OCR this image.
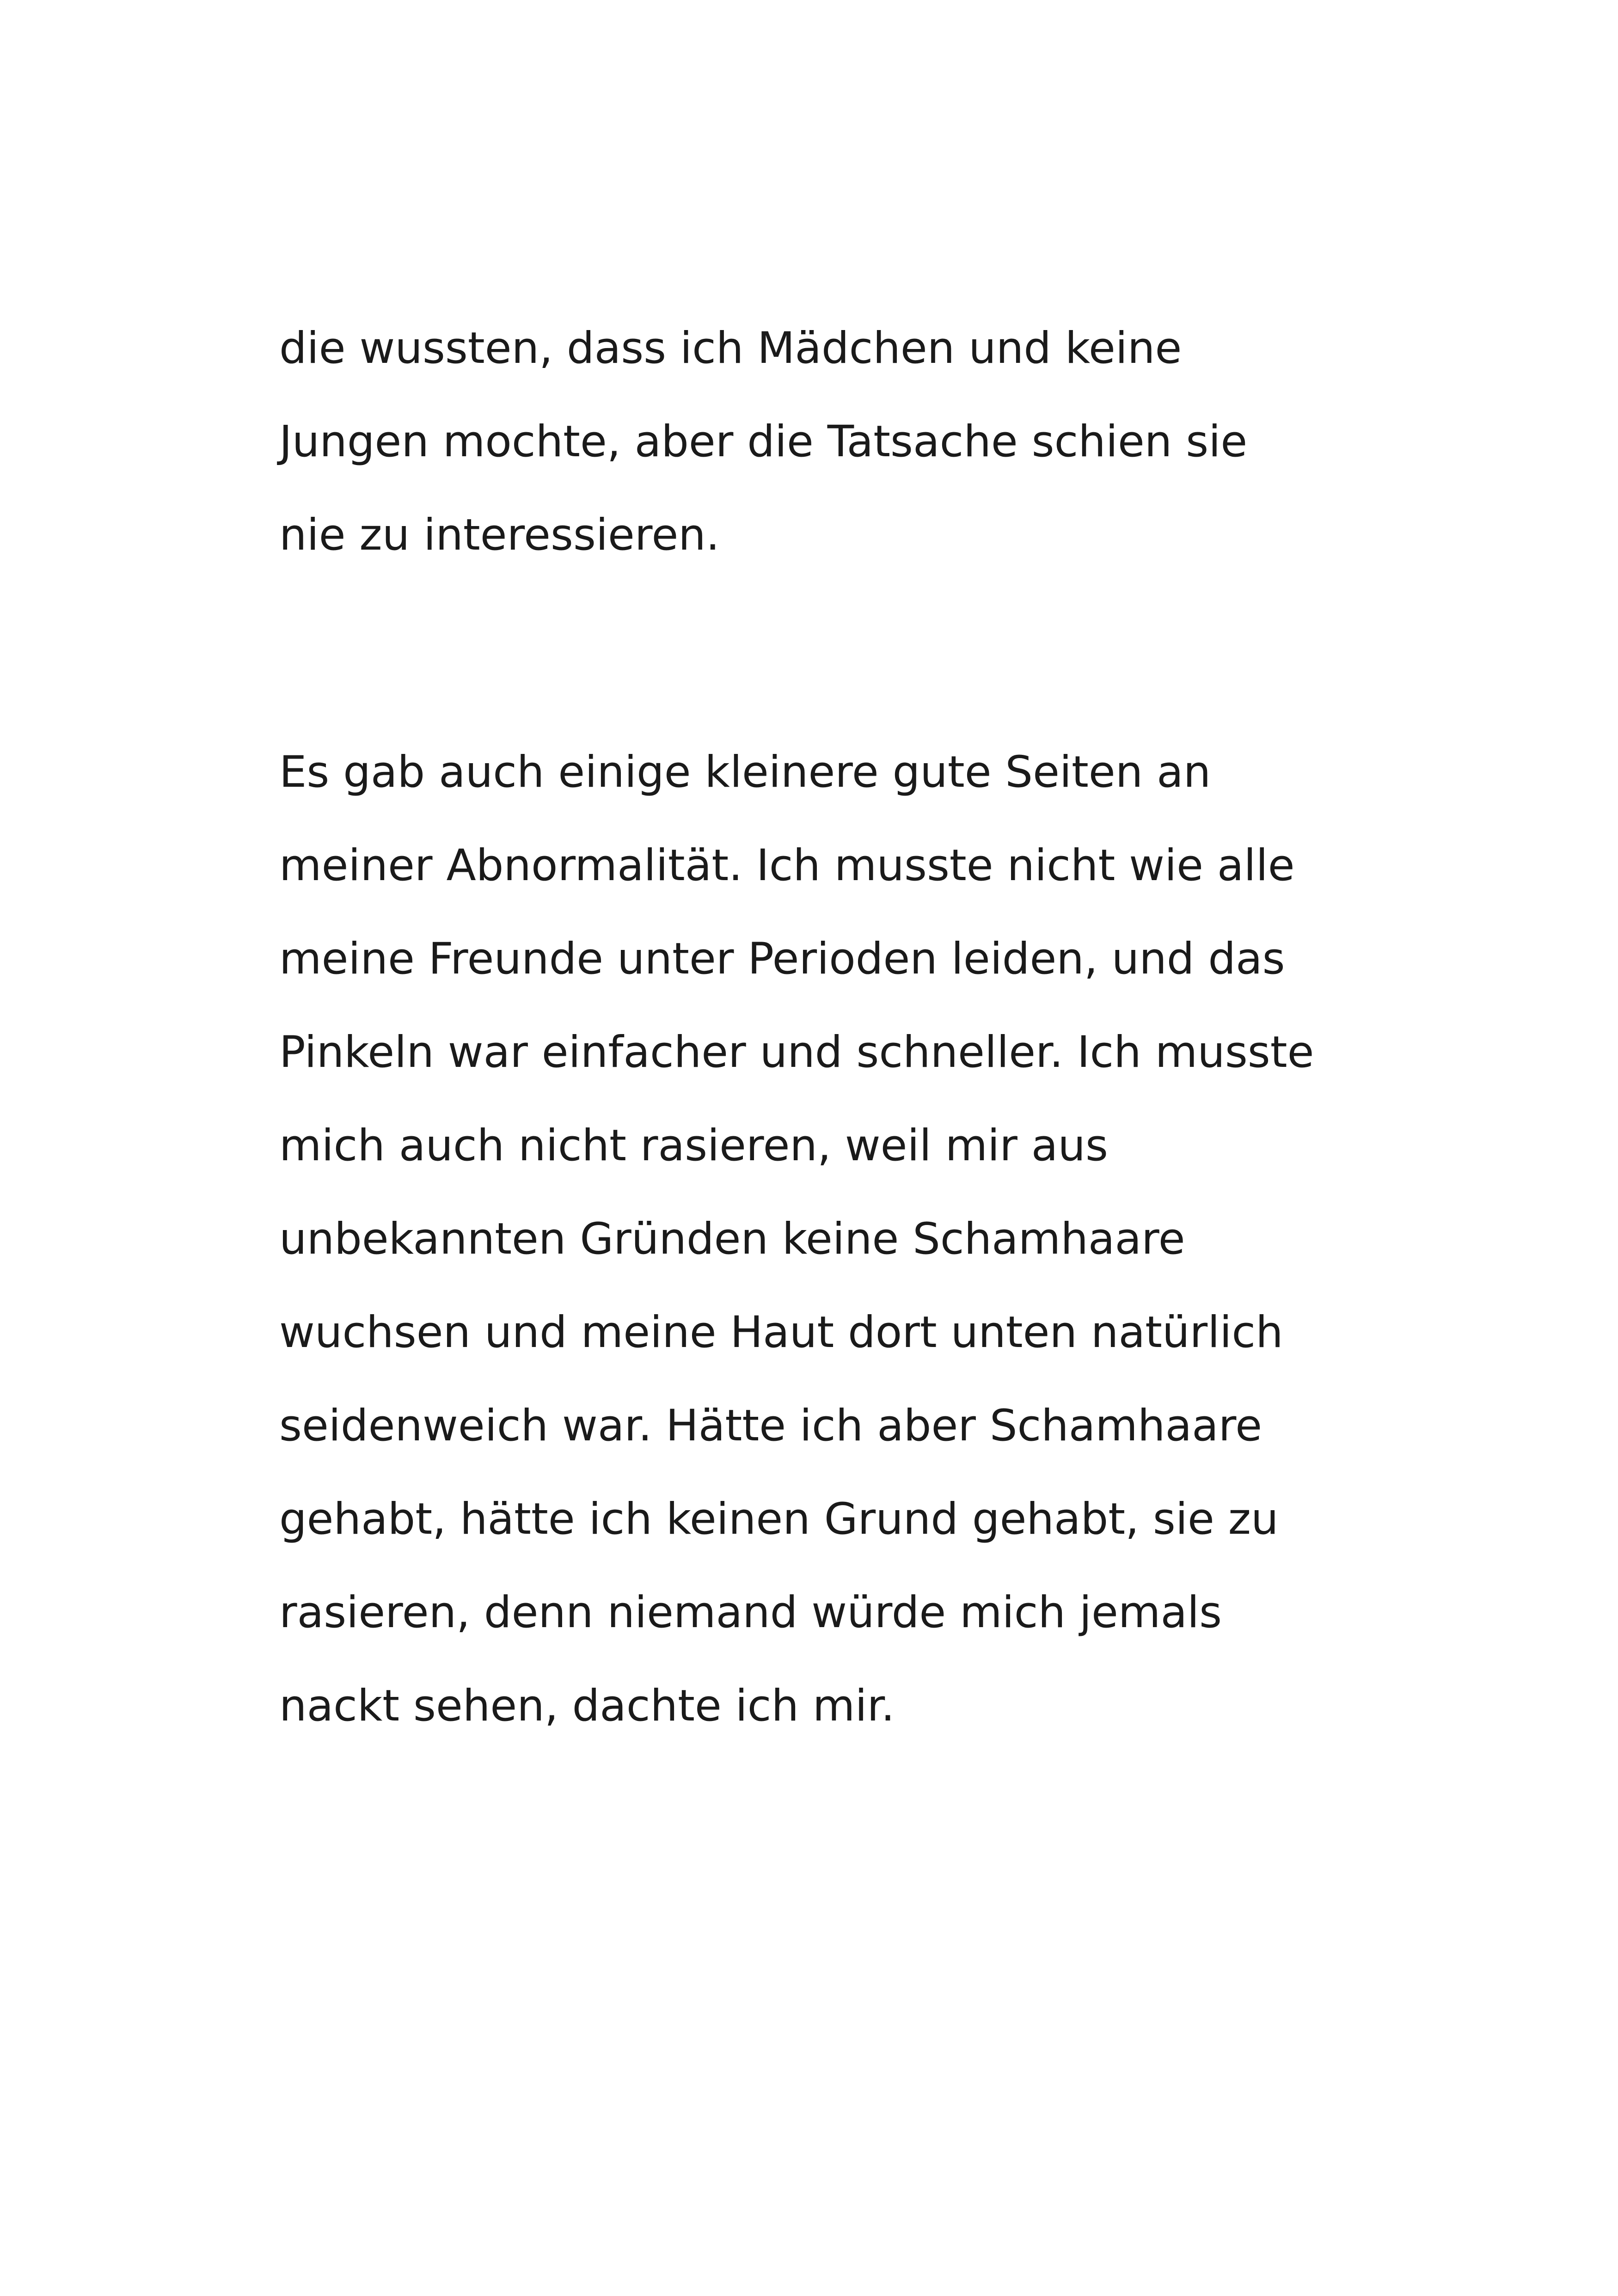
die wussten, dass ich Mädchen und keine
Jungen mochte, aber die Tatsache schien sie
nie zu interessieren.
Es gab auch einige kleinere gute Seiten an
meiner Abnormalität. Ich musste nicht wie alle
meine Freunde unter Perioden leiden, und das
Pinkeln war einfacher und schneller. Ich musste
mich auch nicht rasieren, weil mir aus
unbekannten Gründen keine Schamhaare
wuchsen und meine Haut dort unten natürlich
seidenweich war. Hätte ich aber Schamhaare
gehabt, hätte ich keinen Grund gehabt, sie zu
rasieren, denn niemand würde mich jemals
nackt sehen, dachte ich mir.
